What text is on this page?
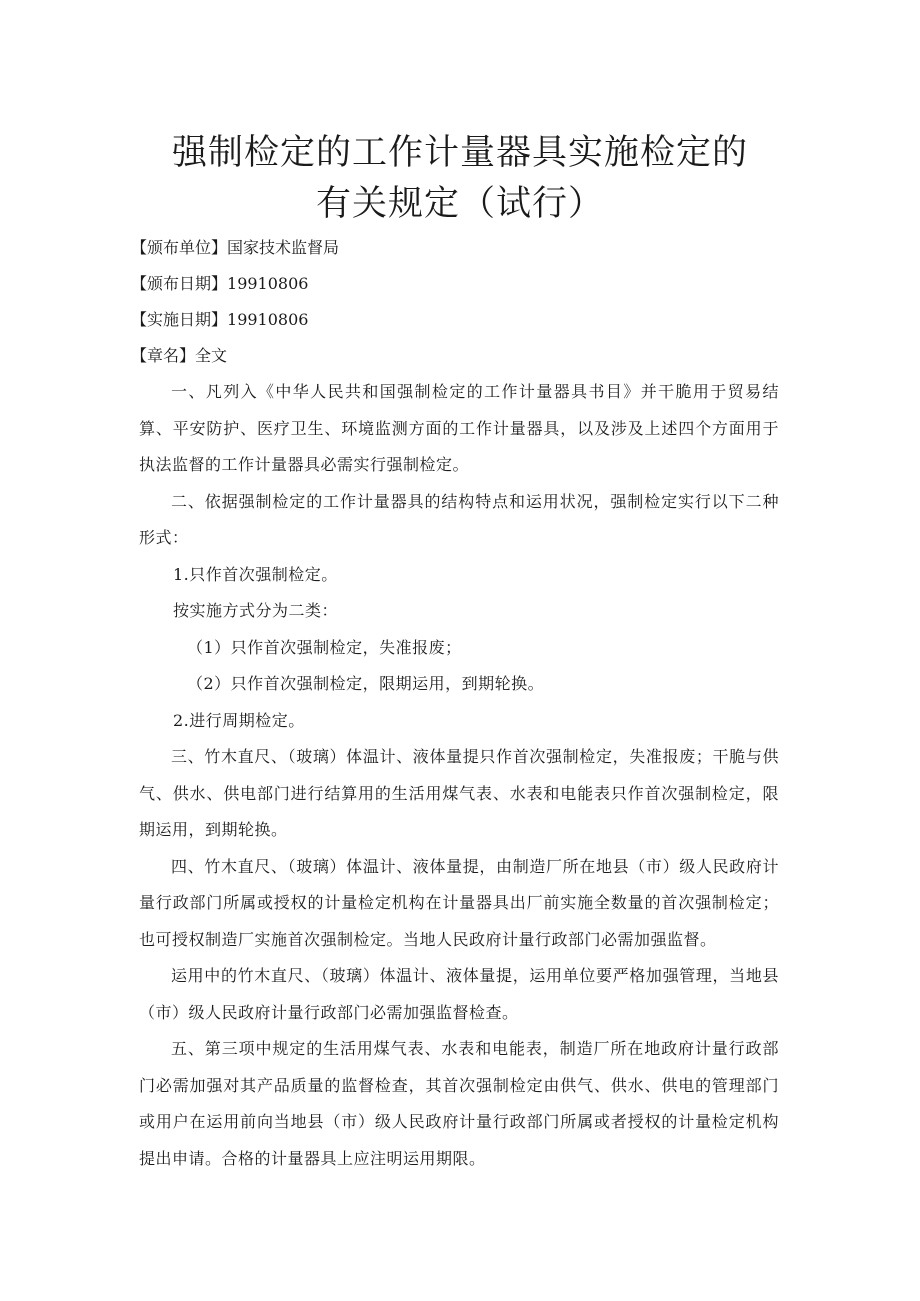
强制检定的工作计量器具实施检定的
有关规定（试行）
【颁布单位】国家技术监督局
【颁布日期】19910806
【实施日期】19910806
【章名】全文

一、凡列入《中华人民共和国强制检定的工作计量器具书目》并干脆用于贸易结算、平安防护、医疗卫生、环境监测方面的工作计量器具，以及涉及上述四个方面用于执法监督的工作计量器具必需实行强制检定。

二、依据强制检定的工作计量器具的结构特点和运用状况，强制检定实行以下二种形式：

1.只作首次强制检定。

按实施方式分为二类：

（1）只作首次强制检定，失准报废；

（2）只作首次强制检定，限期运用，到期轮换。

2.进行周期检定。

三、竹木直尺、（玻璃）体温计、液体量提只作首次强制检定，失准报废；干脆与供气、供水、供电部门进行结算用的生活用煤气表、水表和电能表只作首次强制检定，限期运用，到期轮换。

四、竹木直尺、（玻璃）体温计、液体量提，由制造厂所在地县（市）级人民政府计量行政部门所属或授权的计量检定机构在计量器具出厂前实施全数量的首次强制检定；也可授权制造厂实施首次强制检定。当地人民政府计量行政部门必需加强监督。

运用中的竹木直尺、（玻璃）体温计、液体量提，运用单位要严格加强管理，当地县（市）级人民政府计量行政部门必需加强监督检查。

五、第三项中规定的生活用煤气表、水表和电能表，制造厂所在地政府计量行政部门必需加强对其产品质量的监督检查，其首次强制检定由供气、供水、供电的管理部门或用户在运用前向当地县（市）级人民政府计量行政部门所属或者授权的计量检定机构提出申请。合格的计量器具上应注明运用期限。
